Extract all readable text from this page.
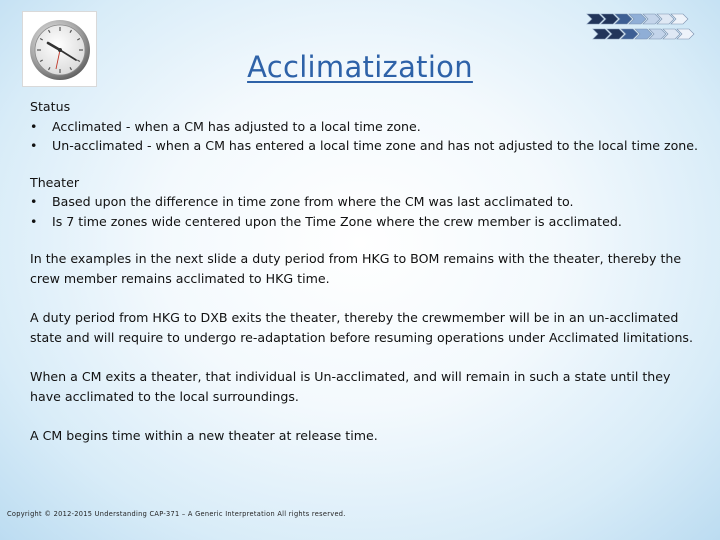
Acclimatization

Status

• Acclimated - when a CM has adjusted to a local time zone.
• Un-acclimated - when a CM has entered a local time zone and has not adjusted to the local time zone.

Theater

• Based upon the difference in time zone from where the CM was last acclimated to.
• Is 7 time zones wide centered upon the Time Zone where the crew member is acclimated.

In the examples in the next slide a duty period from HKG to BOM remains with the theater, thereby the crew member remains acclimated to HKG time.

A duty period from HKG to DXB exits the theater, thereby the crewmember will be in an un-acclimated state and will require to undergo re-adaptation before resuming operations under Acclimated limitations.

When a CM exits a theater, that individual is Un-acclimated, and will remain in such a state until they have acclimated to the local surroundings.

A CM begins time within a new theater at release time.

Copyright © 2012-2015 Understanding CAP-371 – A Generic Interpretation All rights reserved.
